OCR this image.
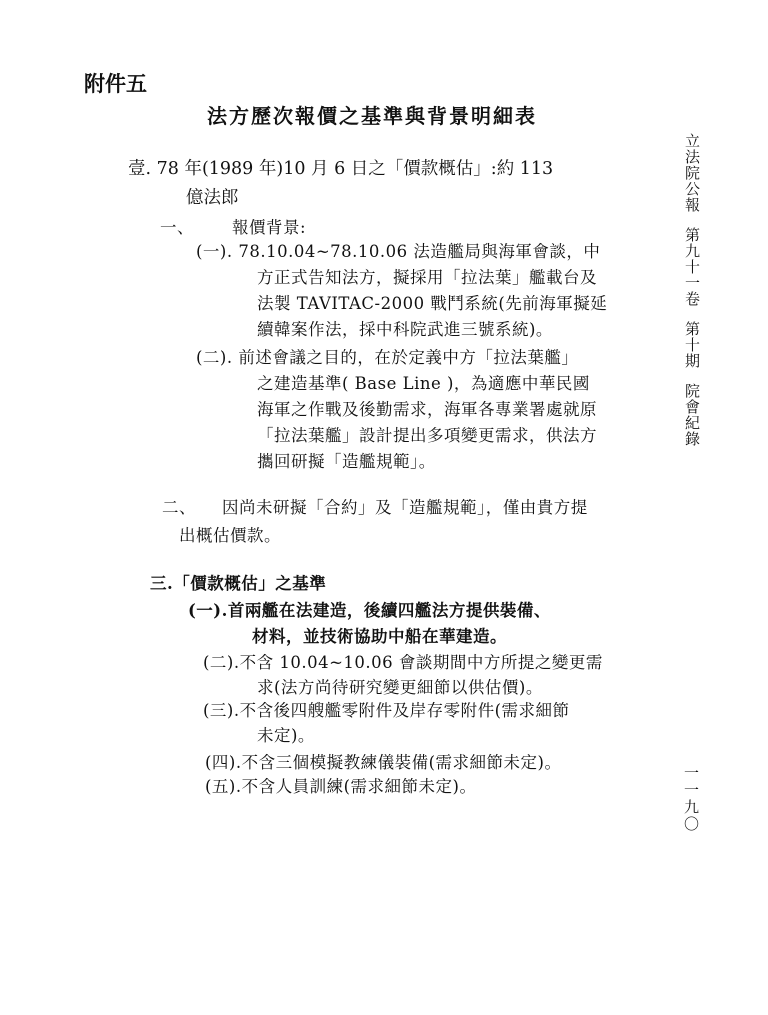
附件五
法方歷次報價之基準與背景明細表
壹. 78 年(1989 年)10 月 6 日之「價款概估」:約 113
億法郎
一、 報價背景:
(一). 78.10.04~78.10.06 法造艦局與海軍會談，中
方正式告知法方，擬採用「拉法葉」艦載台及
法製 TAVITAC-2000 戰鬥系統(先前海軍擬延
續韓案作法，採中科院武進三號系統)。
(二). 前述會議之目的，在於定義中方「拉法葉艦」
之建造基準( Base Line )，為適應中華民國
海軍之作戰及後勤需求，海軍各專業署處就原
「拉法葉艦」設計提出多項變更需求，供法方
攜回研擬「造艦規範」。
二、 因尚未研擬「合約」及「造艦規範」，僅由貴方提
出概估價款。
三.「價款概估」之基準
(一).首兩艦在法建造，後續四艦法方提供裝備、
材料，並技術協助中船在華建造。
(二).不含 10.04~10.06 會談期間中方所提之變更需
求(法方尚待研究變更細節以供估價)。
(三).不含後四艘艦零附件及岸存零附件(需求細節
未定)。
(四).不含三個模擬教練儀裝備(需求細節未定)。
(五).不含人員訓練(需求細節未定)。
立法院公報第九十一卷第十期院會紀錄
一一九〇
